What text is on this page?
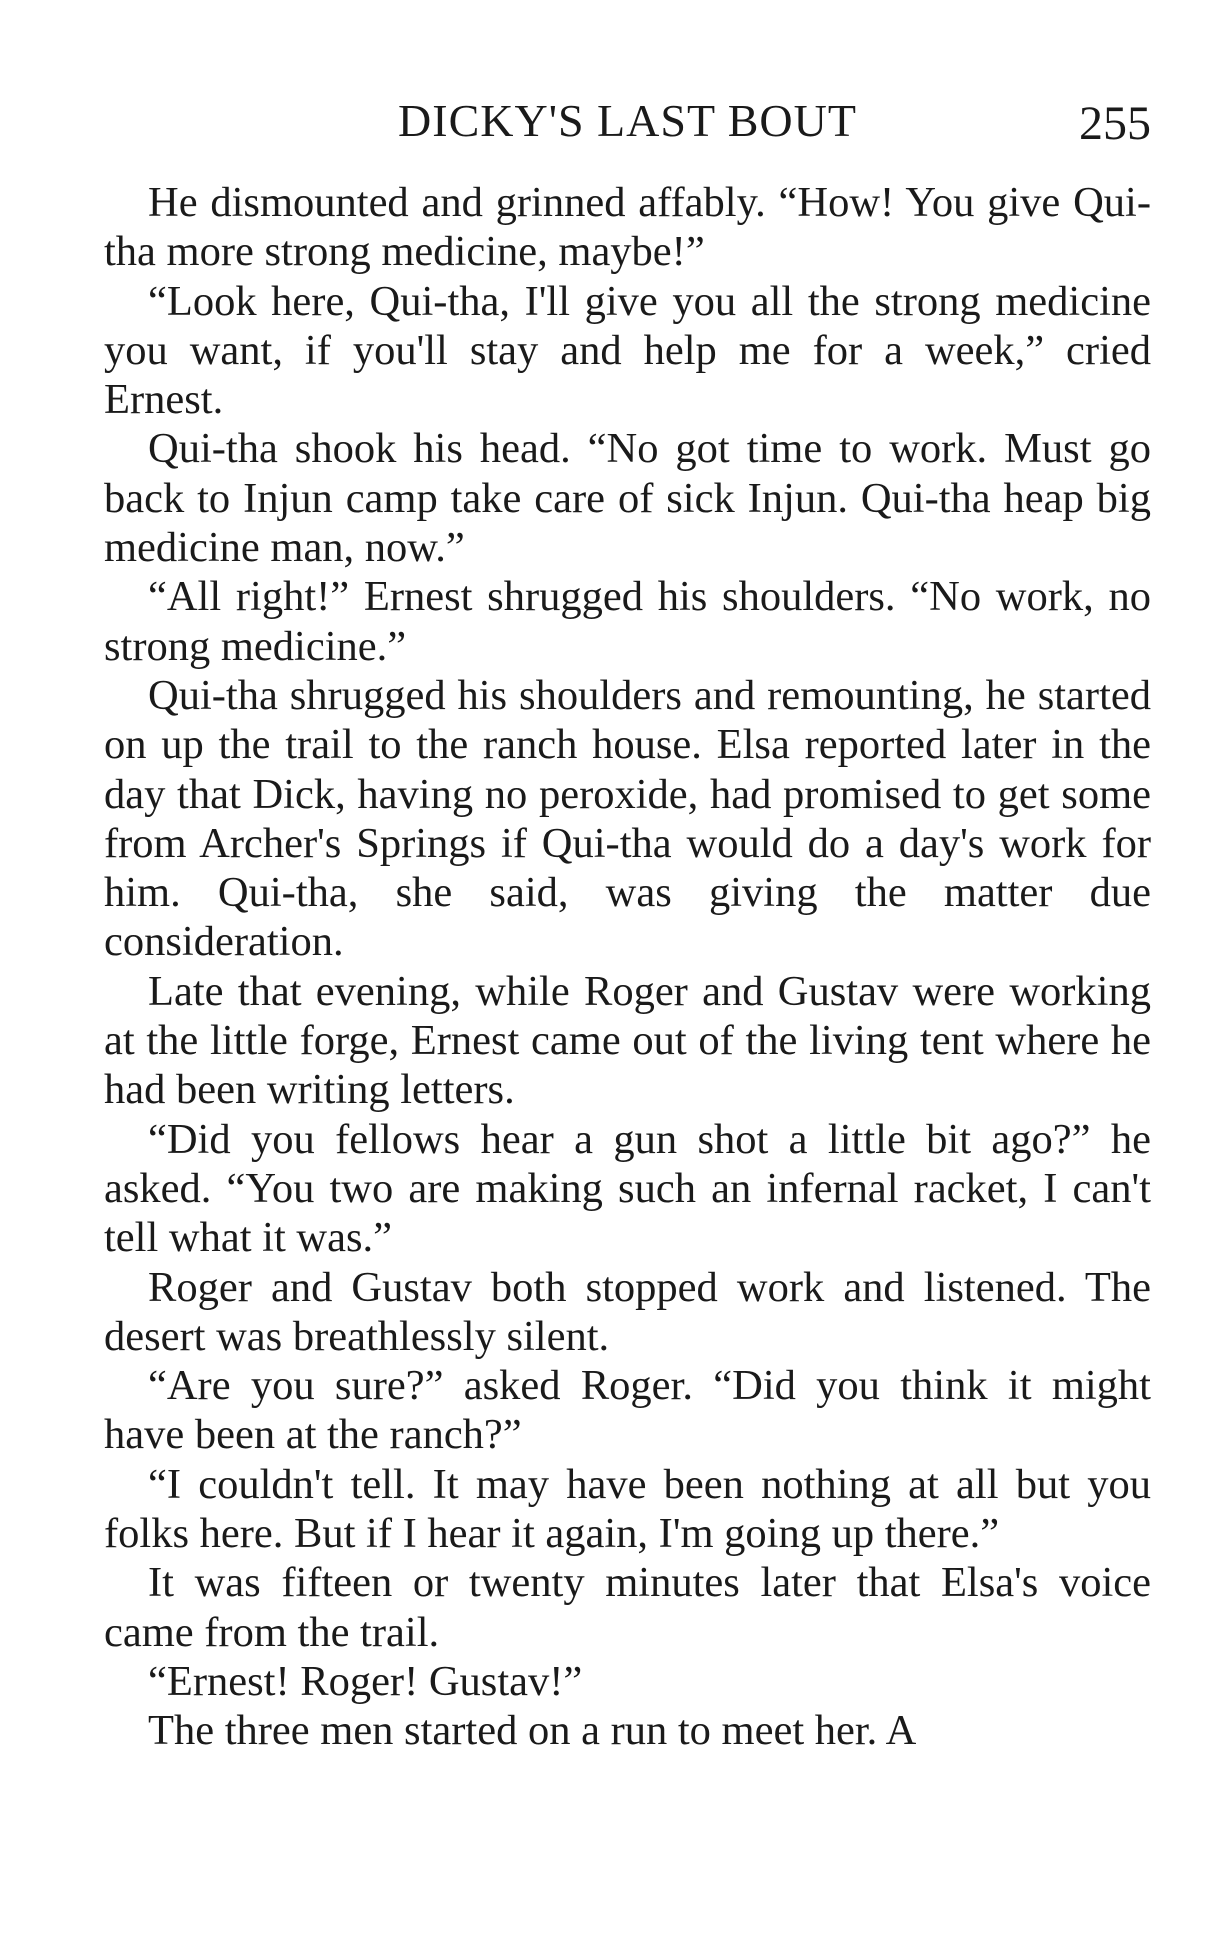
DICKY'S LAST BOUT	255

He dismounted and grinned affably. “How! You give Qui-tha more strong medicine, maybe!”

“Look here, Qui-tha, I'll give you all the strong medicine you want, if you'll stay and help me for a week,” cried Ernest.

Qui-tha shook his head. “No got time to work. Must go back to Injun camp take care of sick Injun. Qui-tha heap big medicine man, now.”

“All right!” Ernest shrugged his shoulders. “No work, no strong medicine.”

Qui-tha shrugged his shoulders and remounting, he started on up the trail to the ranch house. Elsa reported later in the day that Dick, having no peroxide, had promised to get some from Archer's Springs if Qui-tha would do a day's work for him. Qui-tha, she said, was giving the matter due consideration.

Late that evening, while Roger and Gustav were working at the little forge, Ernest came out of the living tent where he had been writing letters.

“Did you fellows hear a gun shot a little bit ago?” he asked. “You two are making such an infernal racket, I can't tell what it was.”

Roger and Gustav both stopped work and listened. The desert was breathlessly silent.

“Are you sure?” asked Roger. “Did you think it might have been at the ranch?”

“I couldn't tell. It may have been nothing at all but you folks here. But if I hear it again, I'm going up there.”

It was fifteen or twenty minutes later that Elsa's voice came from the trail.

“Ernest! Roger! Gustav!”

The three men started on a run to meet her. A
